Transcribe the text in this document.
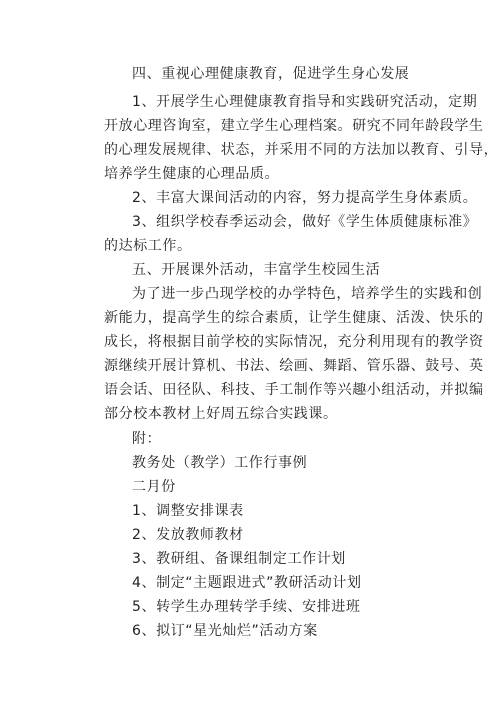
四、重视心理健康教育，促进学生身心发展
1、开展学生心理健康教育指导和实践研究活动，定期
开放心理咨询室，建立学生心理档案。研究不同年龄段学生
的心理发展规律、状态，并采用不同的方法加以教育、引导，
培养学生健康的心理品质。
2、丰富大课间活动的内容，努力提高学生身体素质。
3、组织学校春季运动会，做好《学生体质健康标准》
的达标工作。
五、开展课外活动，丰富学生校园生活
为了进一步凸现学校的办学特色，培养学生的实践和创
新能力，提高学生的综合素质，让学生健康、活泼、快乐的
成长，将根据目前学校的实际情况，充分利用现有的教学资
源继续开展计算机、书法、绘画、舞蹈、管乐器、鼓号、英
语会话、田径队、科技、手工制作等兴趣小组活动，并拟编
部分校本教材上好周五综合实践课。
附：
教务处（教学）工作行事例
二月份
1、调整安排课表
2、发放教师教材
3、教研组、备课组制定工作计划
4、制定“主题跟进式”教研活动计划
5、转学生办理转学手续、安排进班
6、拟订“星光灿烂”活动方案
